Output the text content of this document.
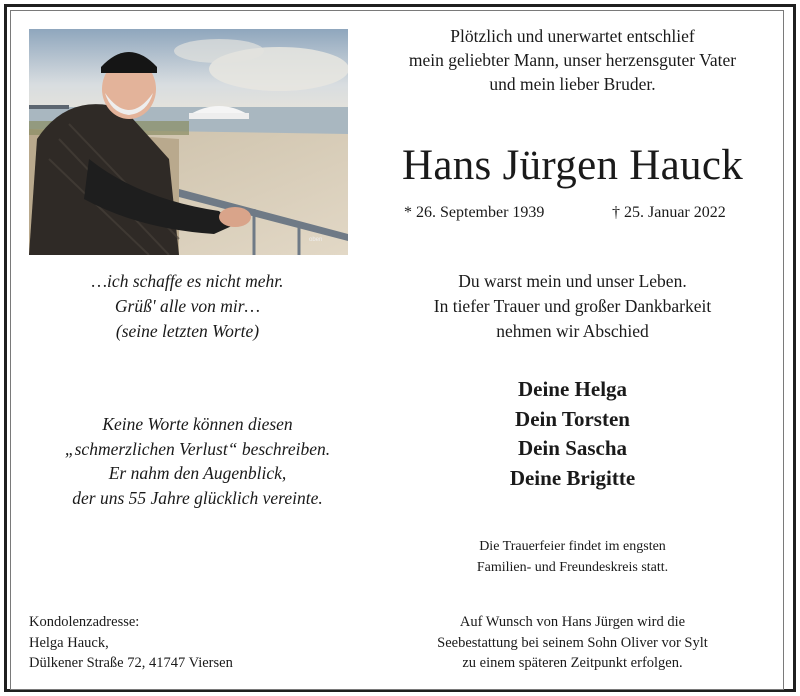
oben
Plötzlich und unerwartet entschlief
mein geliebter Mann, unser herzensguter Vater
und mein lieber Bruder.
Hans Jürgen Hauck
* 26. September 1939	† 25. Januar 2022
…ich schaffe es nicht mehr.
Grüß' alle von mir…
(seine letzten Worte)
Du warst mein und unser Leben.
In tiefer Trauer und großer Dankbarkeit
nehmen wir Abschied
Deine Helga
Dein Torsten
Dein Sascha
Deine Brigitte
Keine Worte können diesen
„schmerzlichen Verlust“ beschreiben.
Er nahm den Augenblick,
der uns 55 Jahre glücklich vereinte.
Die Trauerfeier findet im engsten
Familien- und Freundeskreis statt.
Kondolenzadresse:
Helga Hauck,
Dülkener Straße 72, 41747 Viersen
Auf Wunsch von Hans Jürgen wird die
Seebestattung bei seinem Sohn Oliver vor Sylt
zu einem späteren Zeitpunkt erfolgen.
